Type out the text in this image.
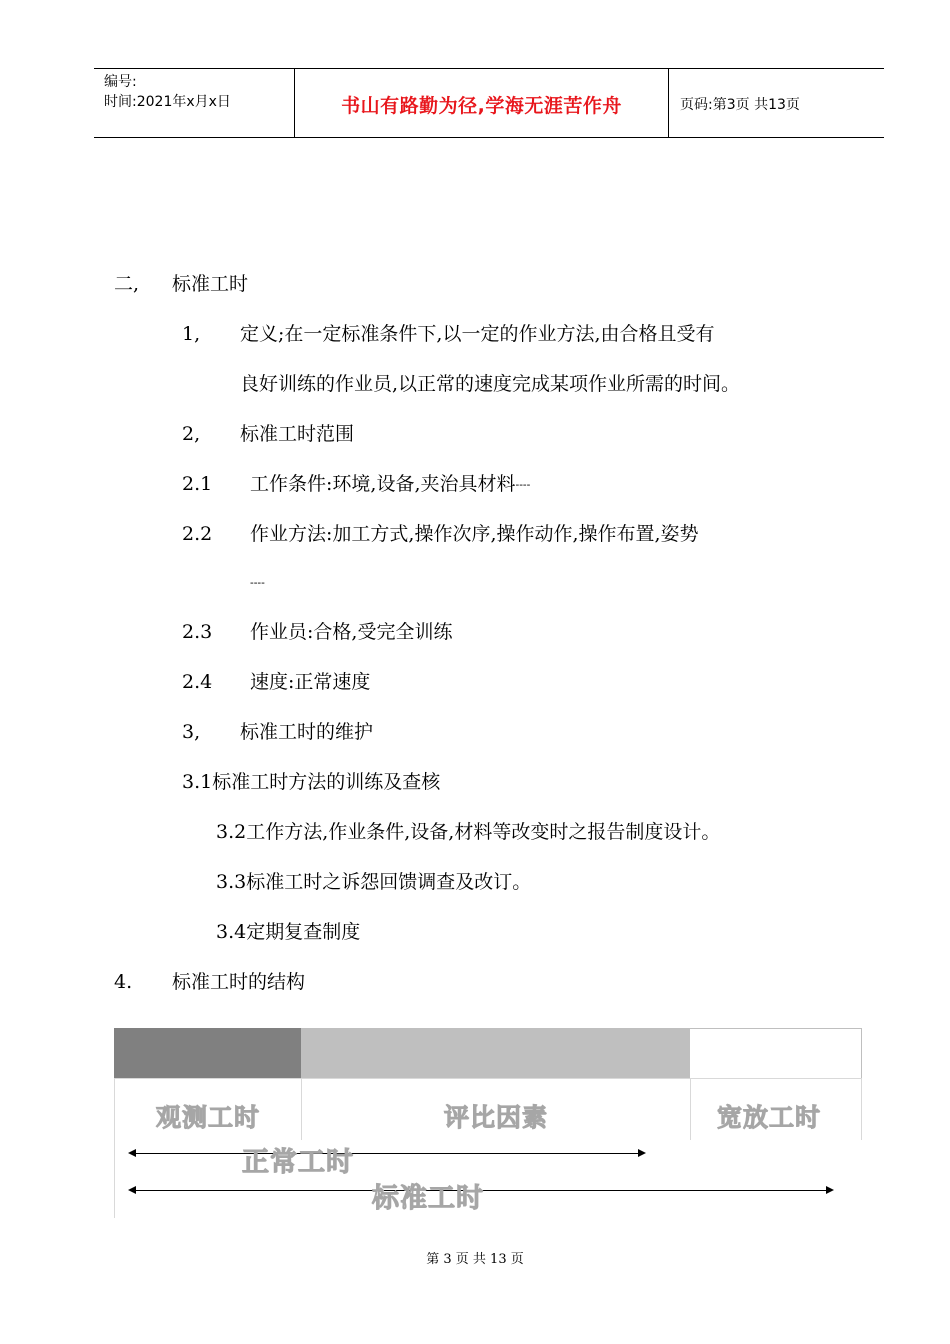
编号:
时间:2021年x月x日	书山有路勤为径,学海无涯苦作舟	页码:第3页 共13页
二, 标准工时
1, 定义;在一定标准条件下,以一定的作业方法,由合格且受有
良好训练的作业员,以正常的速度完成某项作业所需的时间。
2, 标准工时范围
2.1 工作条件:环境,设备,夹治具材料----
2.2 作业方法:加工方式,操作次序,操作动作,操作布置,姿势
----
2.3 作业员:合格,受完全训练
2.4 速度:正常速度
3, 标准工时的维护
3.1标准工时方法的训练及查核
3.2工作方法,作业条件,设备,材料等改变时之报告制度设计。
3.3标准工时之诉怨回馈调查及改订。
3.4定期复查制度
4. 标准工时的结构
观测工时	评比因素	宽放工时
正常工时
标准工时
第 3 页 共 13 页
